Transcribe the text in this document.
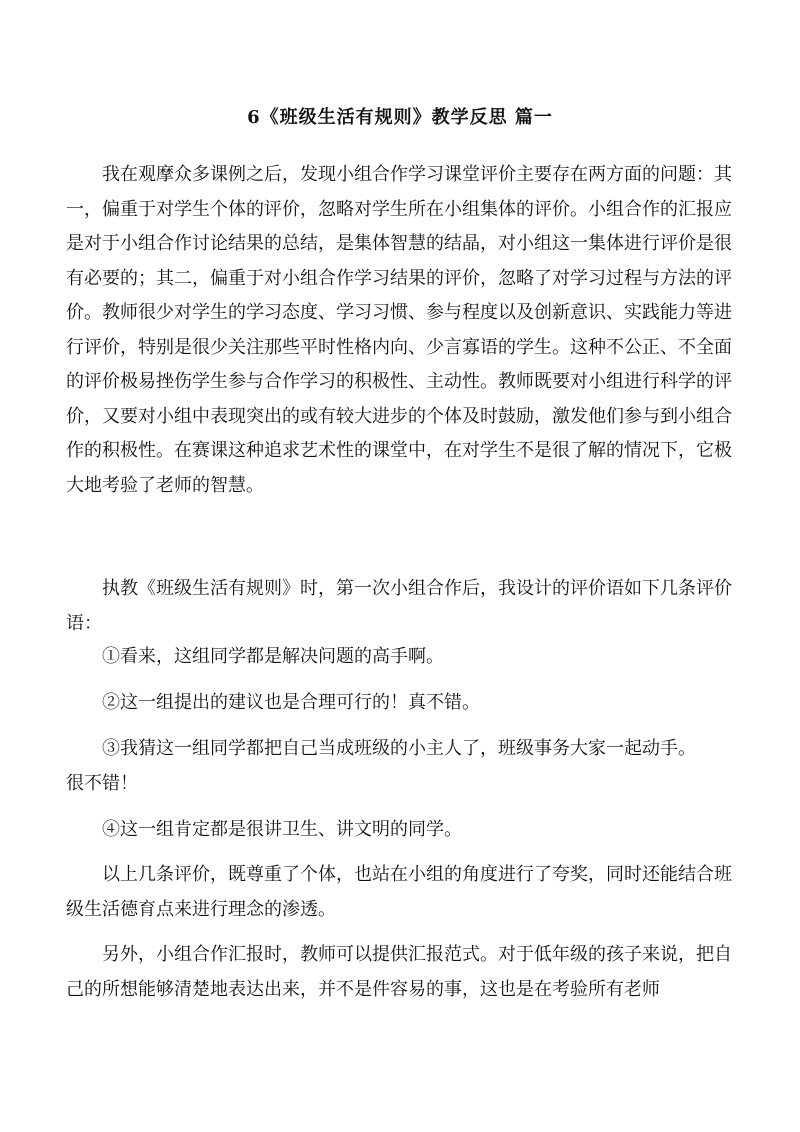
6《班级生活有规则》教学反思 篇一

我在观摩众多课例之后，发现小组合作学习课堂评价主要存在两方面的问题：其一，偏重于对学生个体的评价，忽略对学生所在小组集体的评价。小组合作的汇报应是对于小组合作讨论结果的总结，是集体智慧的结晶，对小组这一集体进行评价是很有必要的；其二，偏重于对小组合作学习结果的评价，忽略了对学习过程与方法的评价。教师很少对学生的学习态度、学习习惯、参与程度以及创新意识、实践能力等进行评价，特别是很少关注那些平时性格内向、少言寡语的学生。这种不公正、不全面的评价极易挫伤学生参与合作学习的积极性、主动性。教师既要对小组进行科学的评价，又要对小组中表现突出的或有较大进步的个体及时鼓励，激发他们参与到小组合作的积极性。在赛课这种追求艺术性的课堂中，在对学生不是很了解的情况下，它极大地考验了老师的智慧。

执教《班级生活有规则》时，第一次小组合作后，我设计的评价语如下几条评价语：

①看来，这组同学都是解决问题的高手啊。

②这一组提出的建议也是合理可行的！真不错。

③我猜这一组同学都把自己当成班级的小主人了，班级事务大家一起动手。

很不错！

④这一组肯定都是很讲卫生、讲文明的同学。

以上几条评价，既尊重了个体，也站在小组的角度进行了夸奖，同时还能结合班级生活德育点来进行理念的渗透。

另外，小组合作汇报时，教师可以提供汇报范式。对于低年级的孩子来说，把自己的所想能够清楚地表达出来，并不是件容易的事，这也是在考验所有老师
